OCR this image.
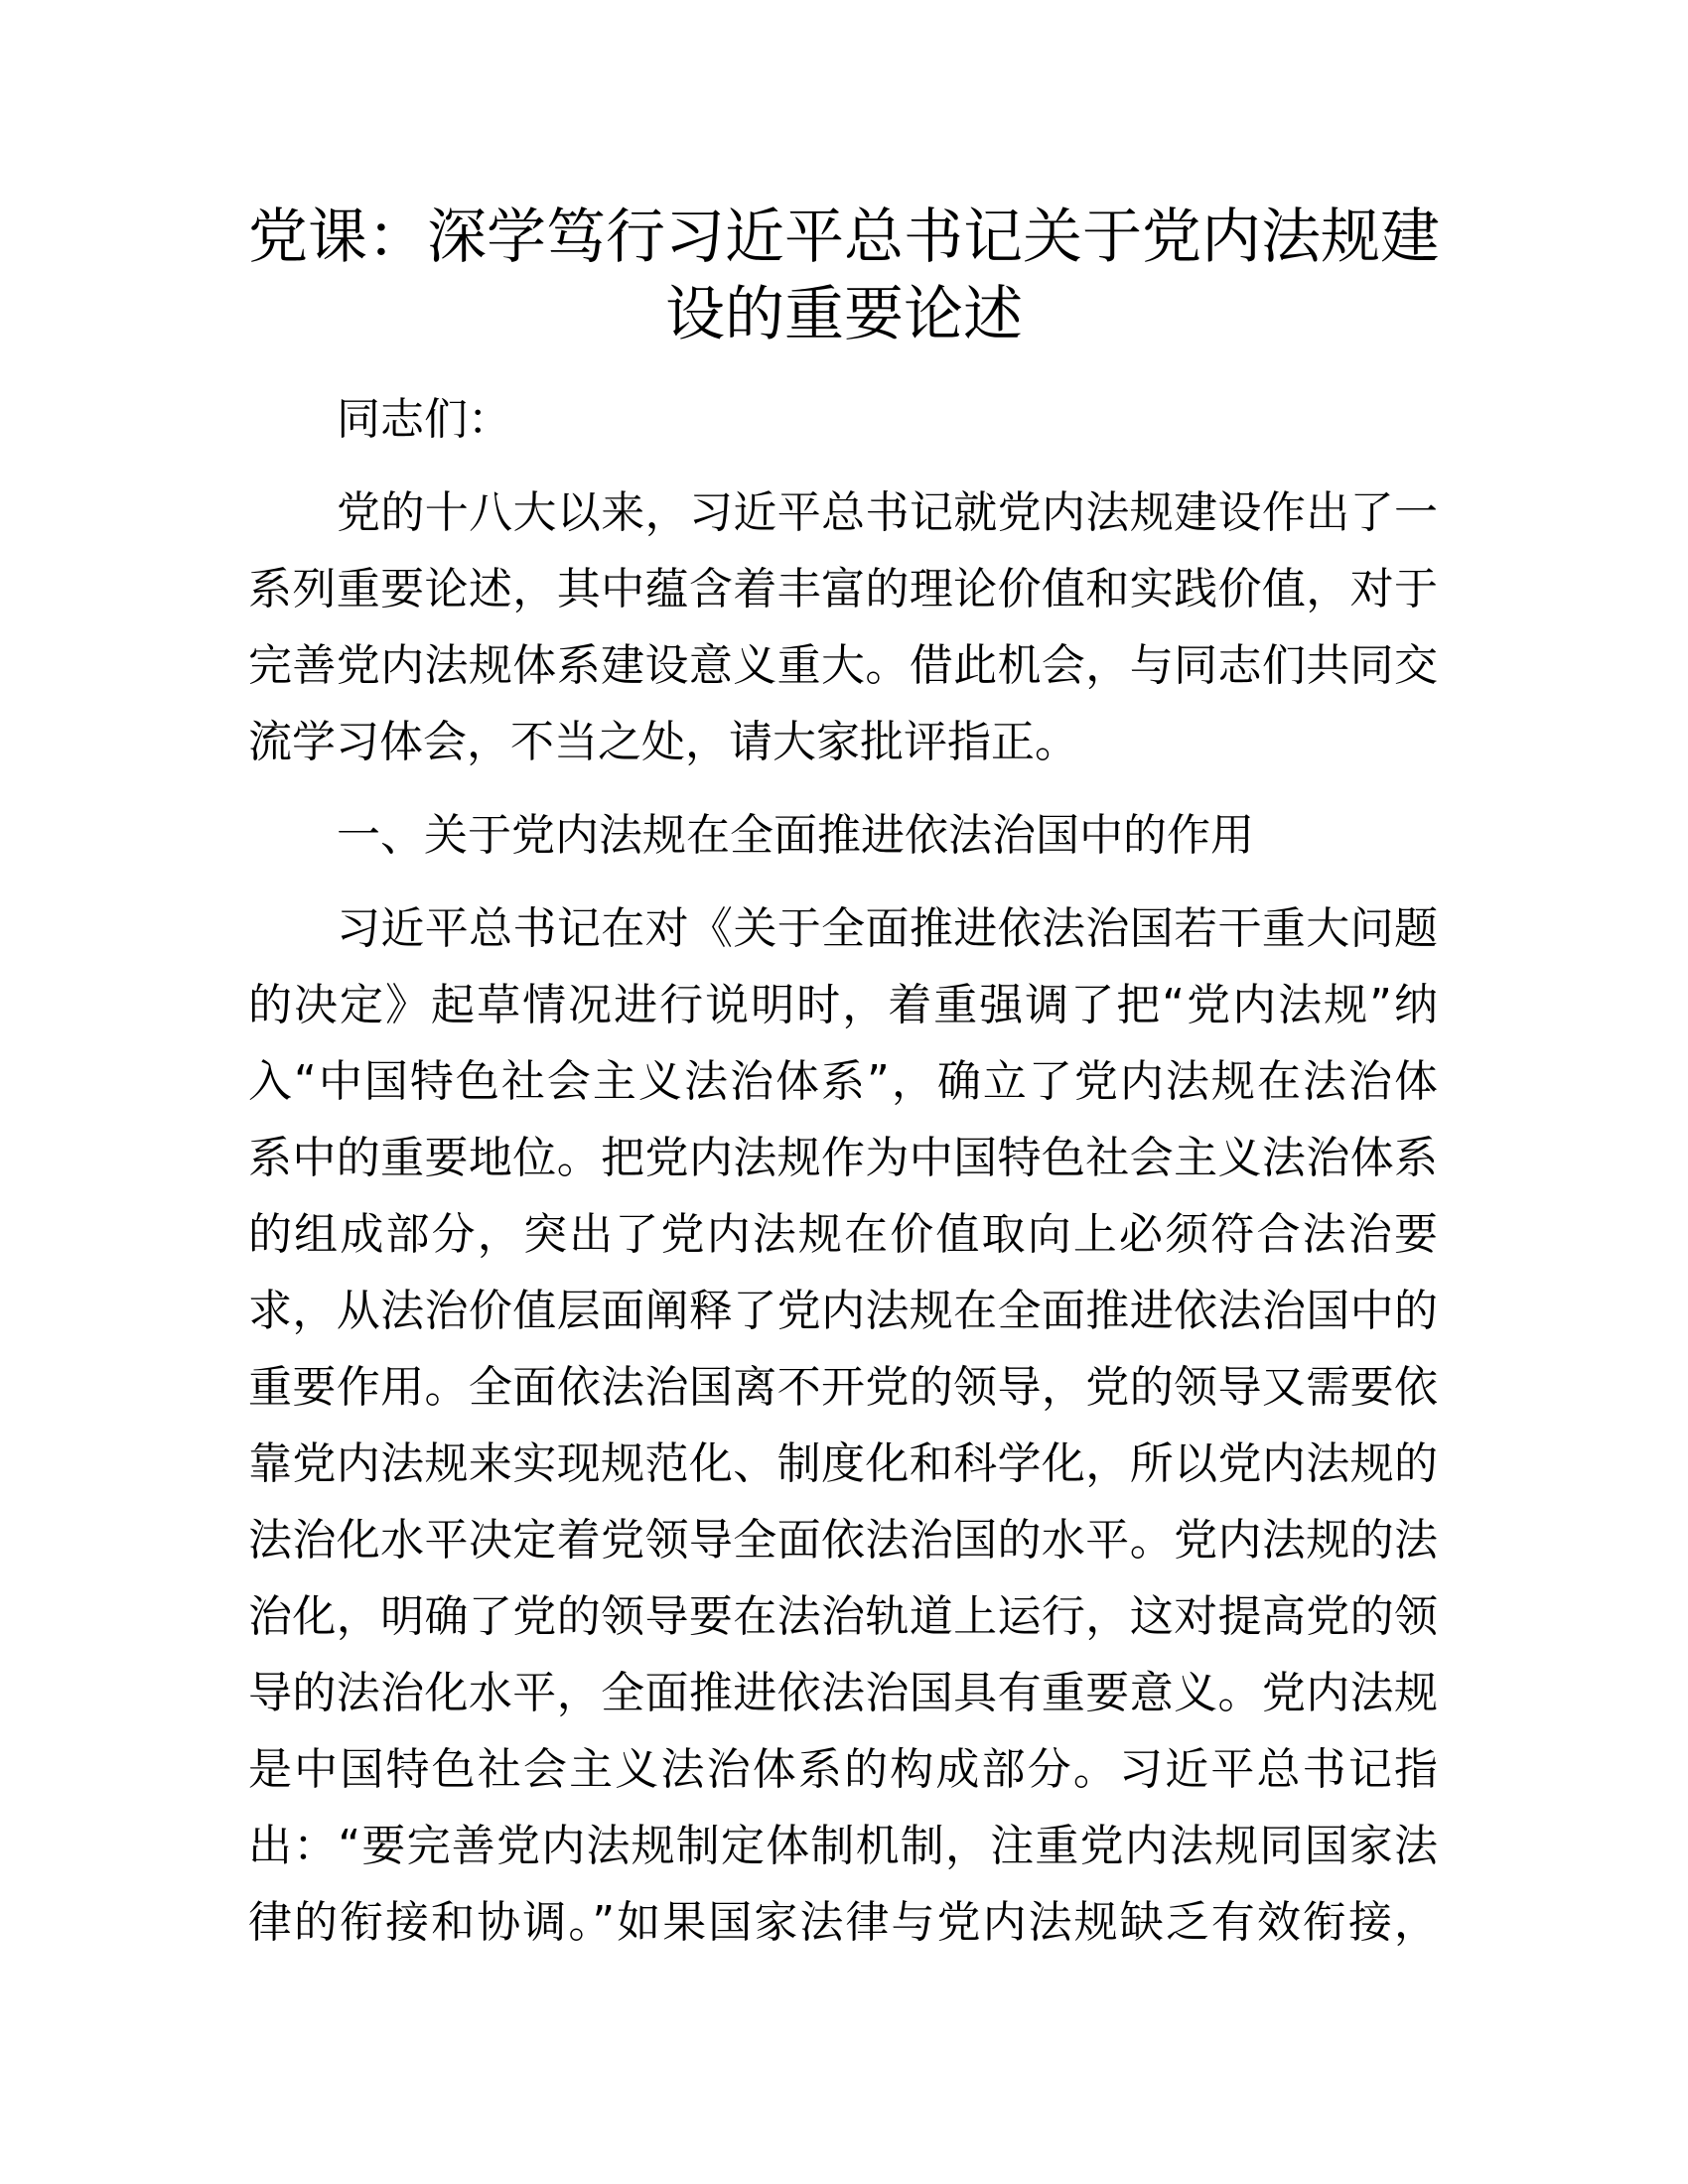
党课：深学笃行习近平总书记关于党内法规建
设的重要论述

同志们：

党的十八大以来，习近平总书记就党内法规建设作出了一
系列重要论述，其中蕴含着丰富的理论价值和实践价值，对于
完善党内法规体系建设意义重大。借此机会，与同志们共同交
流学习体会，不当之处，请大家批评指正。

一、关于党内法规在全面推进依法治国中的作用

习近平总书记在对《关于全面推进依法治国若干重大问题
的决定》起草情况进行说明时，着重强调了把“党内法规”纳
入“中国特色社会主义法治体系”，确立了党内法规在法治体
系中的重要地位。把党内法规作为中国特色社会主义法治体系
的组成部分，突出了党内法规在价值取向上必须符合法治要
求，从法治价值层面阐释了党内法规在全面推进依法治国中的
重要作用。全面依法治国离不开党的领导，党的领导又需要依
靠党内法规来实现规范化、制度化和科学化，所以党内法规的
法治化水平决定着党领导全面依法治国的水平。党内法规的法
治化，明确了党的领导要在法治轨道上运行，这对提高党的领
导的法治化水平，全面推进依法治国具有重要意义。党内法规
是中国特色社会主义法治体系的构成部分。习近平总书记指
出：“要完善党内法规制定体制机制，注重党内法规同国家法
律的衔接和协调。”如果国家法律与党内法规缺乏有效衔接，
